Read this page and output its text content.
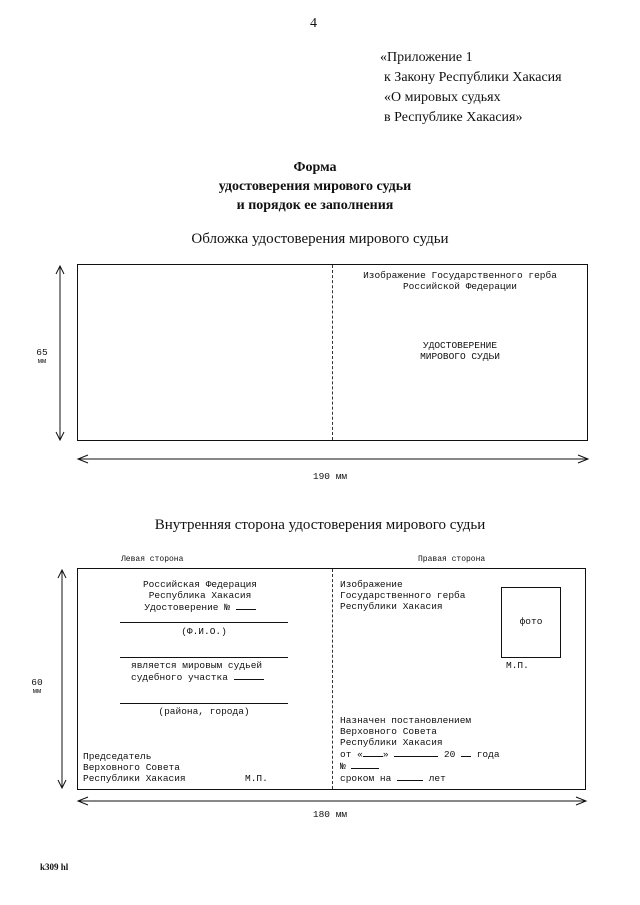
4
«Приложение 1
к Закону Республики Хакасия
«О мировых судьях
в Республике Хакасия»
Форма
удостоверения мирового судьи
и порядок ее заполнения
Обложка удостоверения мирового судьи
65
мм
Изображение Государственного герба
Российской Федерации
УДОСТОВЕРЕНИЕ
МИРОВОГО СУДЬИ
190 мм
Внутренняя сторона удостоверения мирового судьи
Левая сторона	Правая сторона
60
мм
Российская Федерация
Республика Хакасия
Удостоверение №
(Ф.И.О.)
является мировым судьей
судебного участка
(района, города)
Председатель
Верховного Совета
Республики Хакасия	М.П.
Изображение
Государственного герба
Республики Хакасия
фото
М.П.
Назначен постановлением
Верховного Совета
Республики Хакасия
от « »	20 года
№
сроком на	лет
180 мм
k309 hl
